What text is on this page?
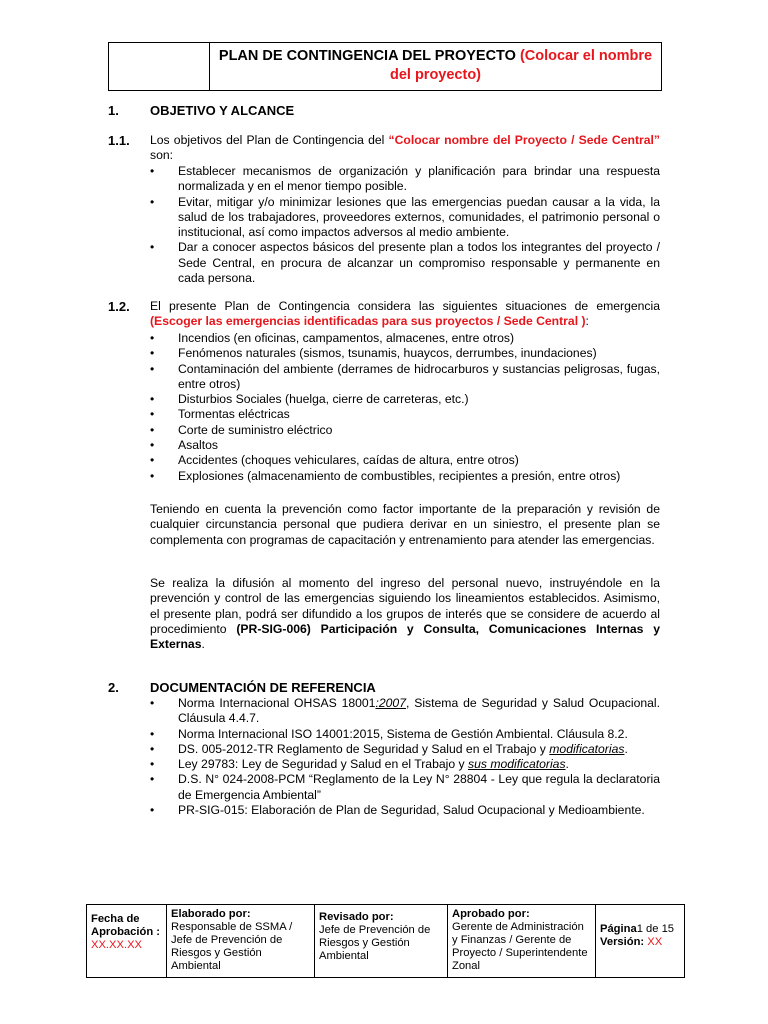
PLAN DE CONTINGENCIA DEL PROYECTO (Colocar el nombre del proyecto)
1. OBJETIVO Y ALCANCE
1.1. Los objetivos del Plan de Contingencia del “Colocar nombre del Proyecto / Sede Central” son:

• Establecer mecanismos de organización y planificación para brindar una respuesta normalizada y en el menor tiempo posible.
• Evitar, mitigar y/o minimizar lesiones que las emergencias puedan causar a la vida, la salud de los trabajadores, proveedores externos, comunidades, el patrimonio personal o institucional, así como impactos adversos al medio ambiente.
• Dar a conocer aspectos básicos del presente plan a todos los integrantes del proyecto / Sede Central, en procura de alcanzar un compromiso responsable y permanente en cada persona.
1.2. El presente Plan de Contingencia considera las siguientes situaciones de emergencia (Escoger las emergencias identificadas para sus proyectos / Sede Central ):

• Incendios (en oficinas, campamentos, almacenes, entre otros)
• Fenómenos naturales (sismos, tsunamis, huaycos, derrumbes, inundaciones)
• Contaminación del ambiente (derrames de hidrocarburos y sustancias peligrosas, fugas, entre otros)
• Disturbios Sociales (huelga, cierre de carreteras, etc.)
• Tormentas eléctricas
• Corte de suministro eléctrico
• Asaltos
• Accidentes (choques vehiculares, caídas de altura, entre otros)
• Explosiones (almacenamiento de combustibles, recipientes a presión, entre otros)

Teniendo en cuenta la prevención como factor importante de la preparación y revisión de cualquier circunstancia personal que pudiera derivar en un siniestro, el presente plan se complementa con programas de capacitación y entrenamiento para atender las emergencias.

Se realiza la difusión al momento del ingreso del personal nuevo, instruyéndole en la prevención y control de las emergencias siguiendo los lineamientos establecidos. Asimismo, el presente plan, podrá ser difundido a los grupos de interés que se considere de acuerdo al procedimiento (PR-SIG-006) Participación y Consulta, Comunicaciones Internas y Externas.

2. DOCUMENTACIÓN DE REFERENCIA
• Norma Internacional OHSAS 18001:2007, Sistema de Seguridad y Salud Ocupacional. Cláusula 4.4.7.
• Norma Internacional ISO 14001:2015, Sistema de Gestión Ambiental. Cláusula 8.2.
• DS. 005-2012-TR Reglamento de Seguridad y Salud en el Trabajo y modificatorias.
• Ley 29783: Ley de Seguridad y Salud en el Trabajo y sus modificatorias.
• D.S. N° 024-2008-PCM “Reglamento de la Ley N° 28804 - Ley que regula la declaratoria de Emergencia Ambiental”
• PR-SIG-015: Elaboración de Plan de Seguridad, Salud Ocupacional y Medioambiente.
Fecha de Aprobación :
XX.XX.XX
Elaborado por:
Responsable de SSMA / Jefe de Prevención de Riesgos y Gestión Ambiental
Revisado por:
Jefe de Prevención de Riesgos y Gestión Ambiental
Aprobado por:
Gerente de Administración y Finanzas / Gerente de Proyecto / Superintendente Zonal
Página1 de 15
Versión: XX
